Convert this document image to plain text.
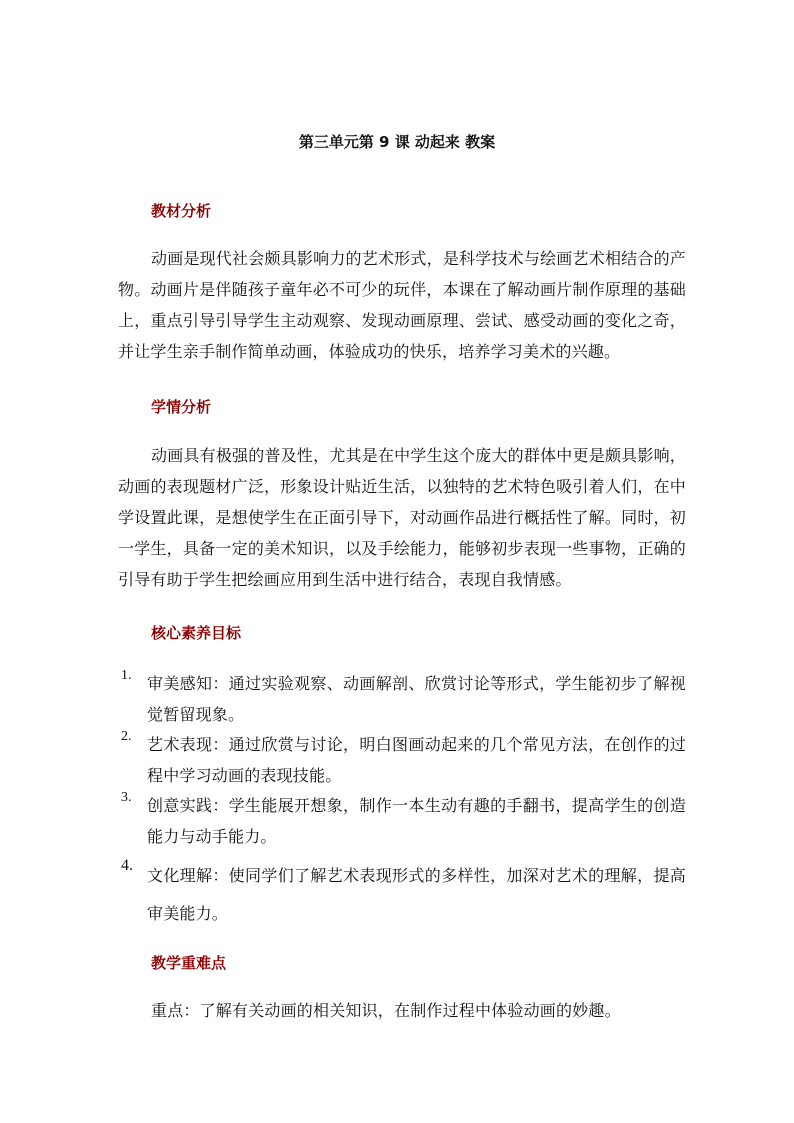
第三单元第 9 课 动起来 教案
教材分析

动画是现代社会颇具影响力的艺术形式，是科学技术与绘画艺术相结合的产物。动画片是伴随孩子童年必不可少的玩伴，本课在了解动画片制作原理的基础上，重点引导引导学生主动观察、发现动画原理、尝试、感受动画的变化之奇，并让学生亲手制作简单动画，体验成功的快乐，培养学习美术的兴趣。

学情分析

动画具有极强的普及性，尤其是在中学生这个庞大的群体中更是颇具影响，动画的表现题材广泛，形象设计贴近生活，以独特的艺术特色吸引着人们，在中学设置此课，是想使学生在正面引导下，对动画作品进行概括性了解。同时，初一学生，具备一定的美术知识，以及手绘能力，能够初步表现一些事物，正确的引导有助于学生把绘画应用到生活中进行结合，表现自我情感。

核心素养目标
1. 审美感知：通过实验观察、动画解剖、欣赏讨论等形式，学生能初步了解视觉暂留现象。
2. 艺术表现：通过欣赏与讨论，明白图画动起来的几个常见方法，在创作的过程中学习动画的表现技能。
3. 创意实践：学生能展开想象，制作一本生动有趣的手翻书，提高学生的创造能力与动手能力。
4.
文化理解：使同学们了解艺术表现形式的多样性，加深对艺术的理解，提高审美能力。
教学重难点

重点：了解有关动画的相关知识，在制作过程中体验动画的妙趣。
